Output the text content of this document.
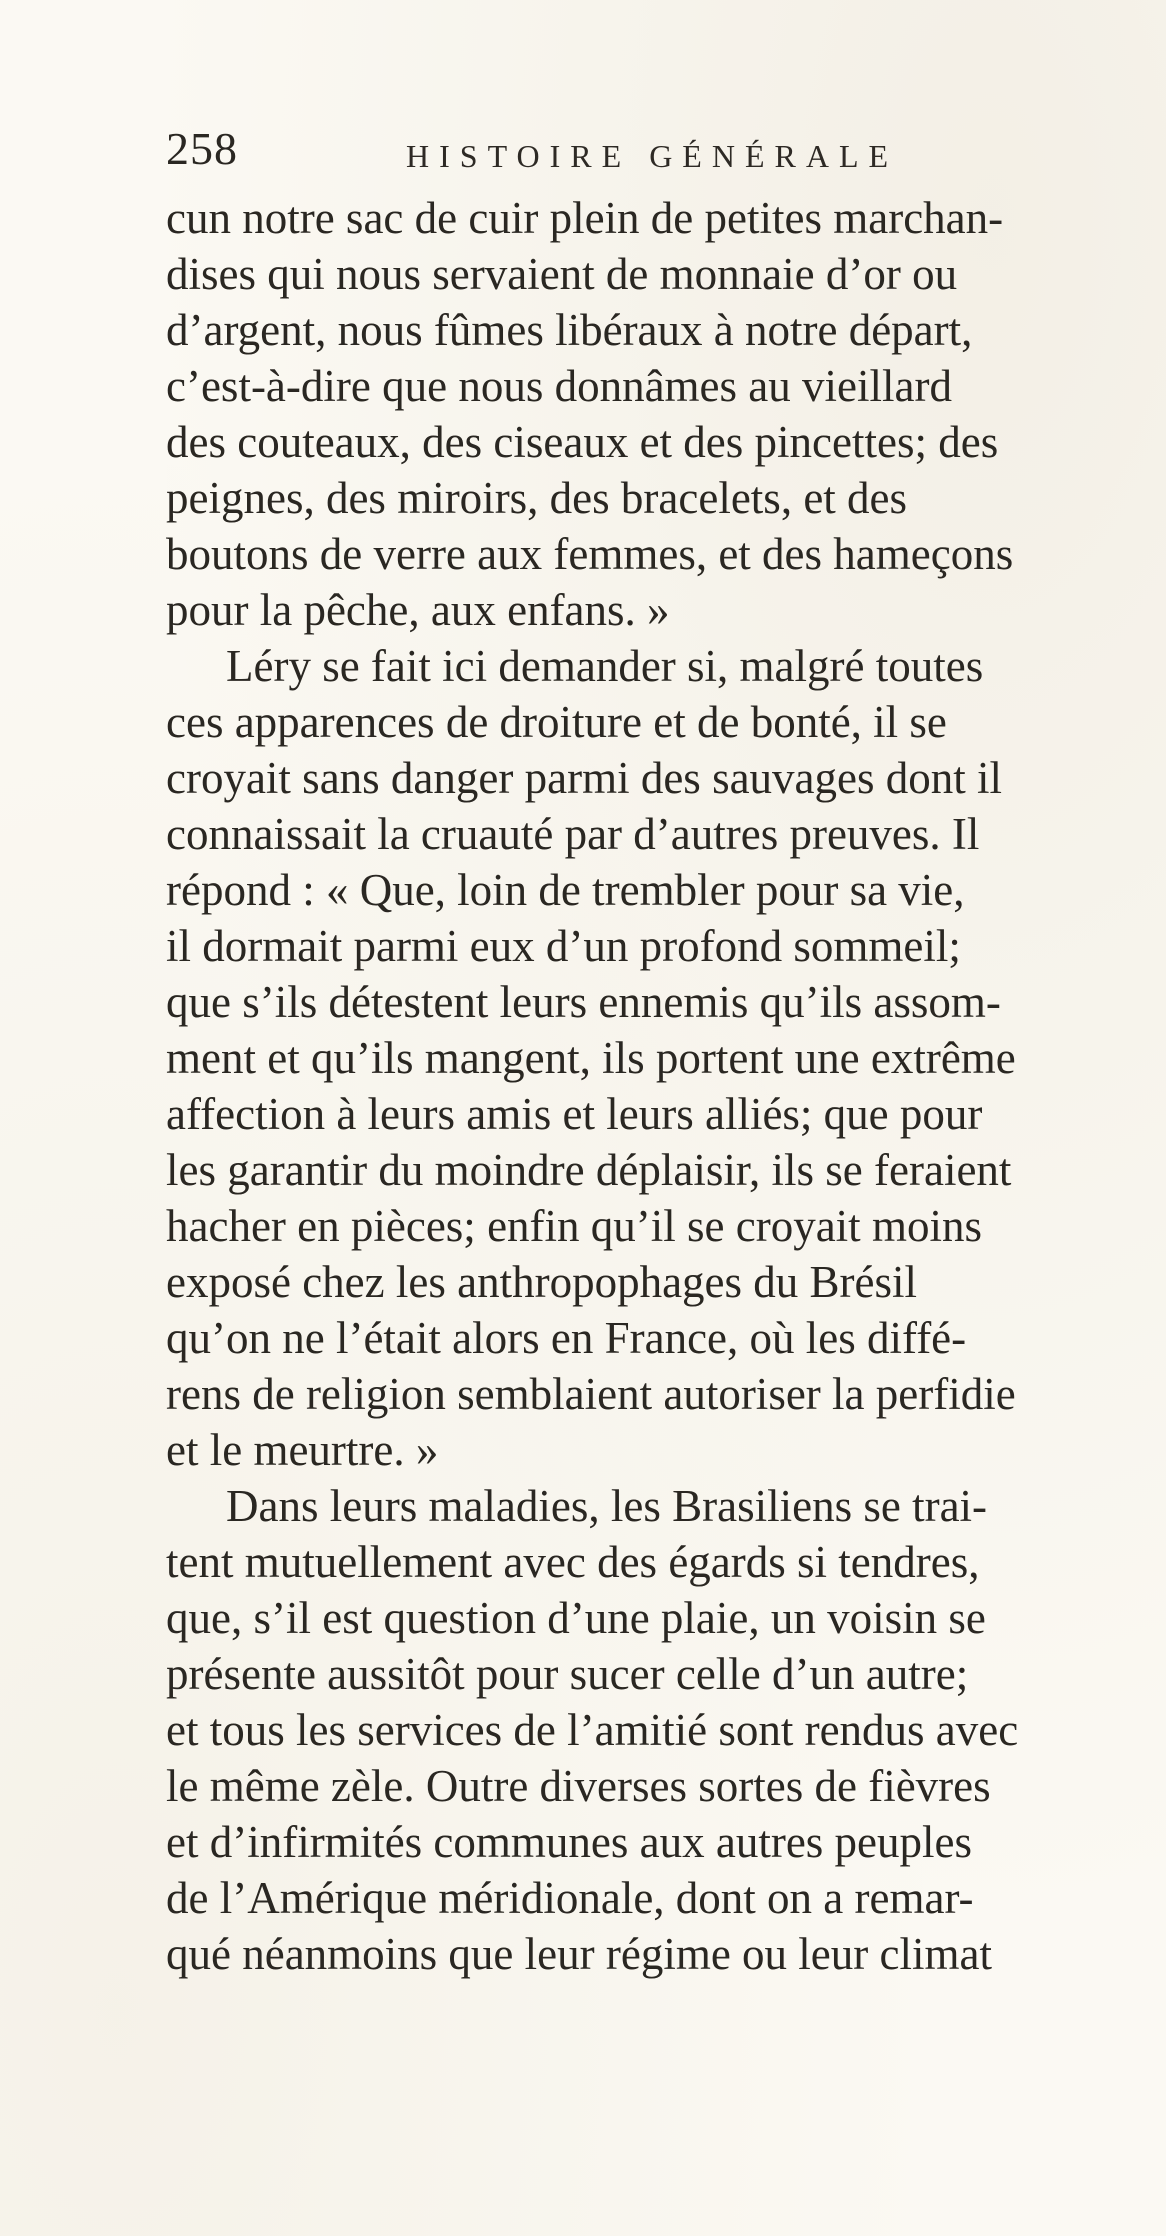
258	HISTOIRE GÉNÉRALE
cun notre sac de cuir plein de petites marchan-
dises qui nous servaient de monnaie d’or ou
d’argent, nous fûmes libéraux à notre départ,
c’est-à-dire que nous donnâmes au vieillard
des couteaux, des ciseaux et des pincettes; des
peignes, des miroirs, des bracelets, et des
boutons de verre aux femmes, et des hameçons
pour la pêche, aux enfans. »
Léry se fait ici demander si, malgré toutes
ces apparences de droiture et de bonté, il se
croyait sans danger parmi des sauvages dont il
connaissait la cruauté par d’autres preuves. Il
répond : « Que, loin de trembler pour sa vie,
il dormait parmi eux d’un profond sommeil;
que s’ils détestent leurs ennemis qu’ils assom-
ment et qu’ils mangent, ils portent une extrême
affection à leurs amis et leurs alliés; que pour
les garantir du moindre déplaisir, ils se feraient
hacher en pièces; enfin qu’il se croyait moins
exposé chez les anthropophages du Brésil
qu’on ne l’était alors en France, où les diffé-
rens de religion semblaient autoriser la perfidie
et le meurtre. »
Dans leurs maladies, les Brasiliens se trai-
tent mutuellement avec des égards si tendres,
que, s’il est question d’une plaie, un voisin se
présente aussitôt pour sucer celle d’un autre;
et tous les services de l’amitié sont rendus avec
le même zèle. Outre diverses sortes de fièvres
et d’infirmités communes aux autres peuples
de l’Amérique méridionale, dont on a remar-
qué néanmoins que leur régime ou leur climat
